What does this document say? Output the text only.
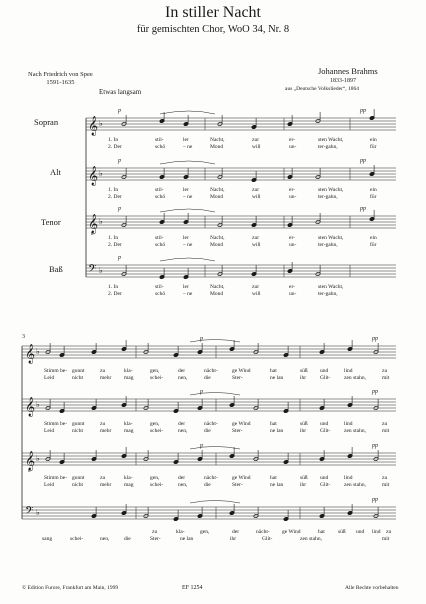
In stiller Nacht
für gemischten Chor, WoO 34, Nr. 8
Nach Friedrich von Spee
1591-1635
Johannes Brahms
1833-1897
aus „Deutsche Volkslieder“, 1864
Etwas langsam
Sopran
Alt
Tenor
Baß
𝄞 ♭
p	pp
1. In	stil-	ler	Nacht,	zur	er-	sten Wacht,	ein
2. Der	schö	– ne	Mond	will	un-	ter-gahn,	für
𝄞 ♭
p	pp
1. In	stil-	ler	Nacht,	zur	er-	sten Wacht,	ein
2. Der	schö	– ne	Mond	will	un-	ter-gahn,	für
𝄞
8
♭
p	pp
1. In	stil-	ler	Nacht,	zur	er-	sten Wacht,	ein
2. Der	schö	– ne	Mond	will	un-	ter-gahn,	für
𝄢 ♭
p
1. In	stil-	ler	Nacht,	zur	er-	sten Wacht,
2. Der	schö	– ne	Mond	will	un-	ter-gahn,
3
𝄞 ♭
p	pp
Stimm be- gunnt	zu	kla-	gen,	der	nächt-	ge Wind	hat	süß und	lind	zu
Leid	nicht	mehr mag	schei-	nen,	die	Ster-	ne lan	ihr	Glit- zen stahn,	mit
𝄞 ♭
p	pp
Stimm be- gunnt	zu	kla-	gen,	der	nächt-	ge Wind	hat	süß und	lind	zu
Leid	nicht	mehr mag	schei-	nen,	die	Ster-	ne lan	ihr	Glit- zen stahn,	mit
𝄞
8
♭
p	pp
Stimm be- gunnt	zu	kla-	gen,	der	nächt-	ge Wind	hat	süß und	lind	zu
Leid	nicht	mehr mag	schei-	nen,	die	Ster-	ne lan	ihr	Glit- zen stahn,	mit
𝄢 ♭
pp
zu	kla-	gen,	der	nächt- ge Wind	hat süß und lind zu
sang	schei-	nen,	die	Ster-	ne lan	ihr	Glit-	zen stahn,	mit
© Edition Furore, Frankfurt am Main, 1999	EF 1254	Alle Rechte vorbehalten
